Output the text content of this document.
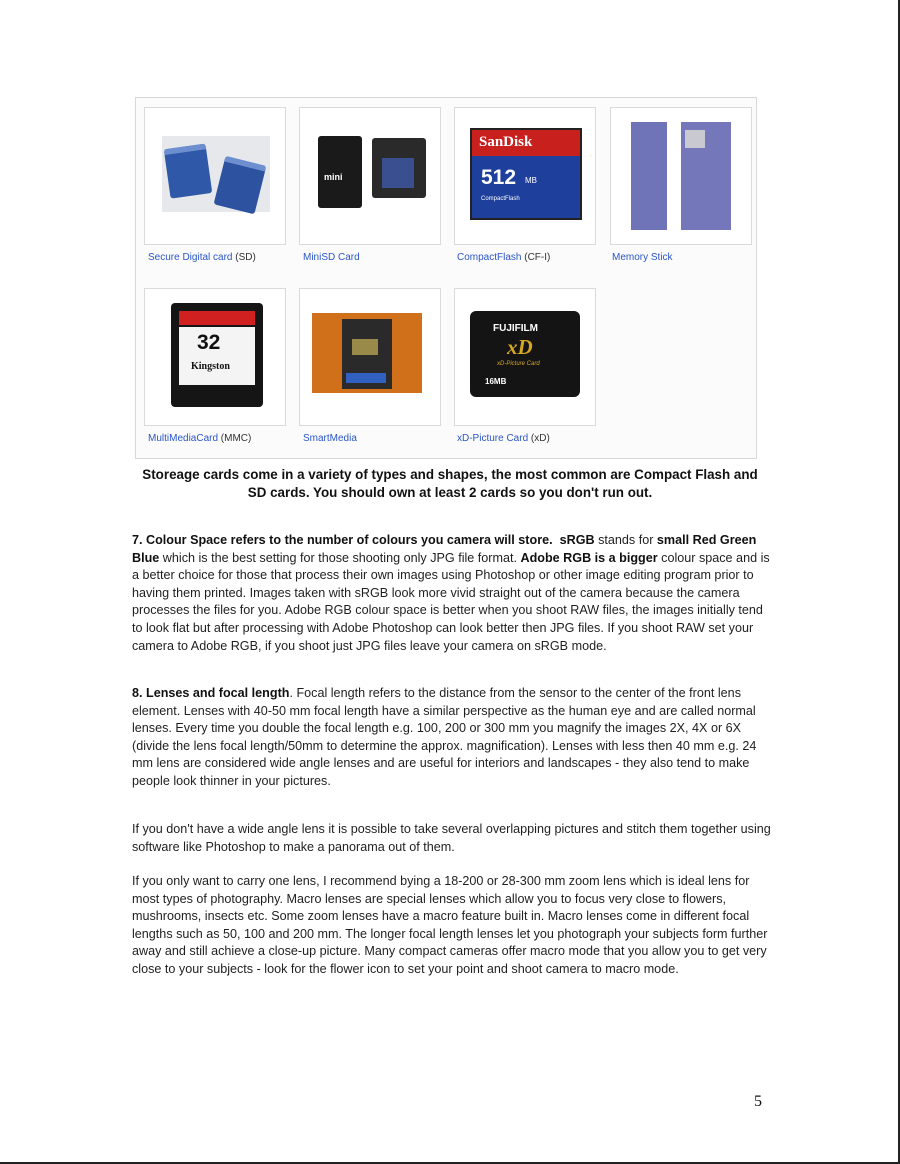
mini
SanDisk
512 MB
CompactFlash
Secure Digital card (SD)	MiniSD Card	CompactFlash (CF-I)	Memory Stick
32
Kingston
FUJIFILM
xD
xD-Picture Card
16MB
MultiMediaCard (MMC)	SmartMedia	xD-Picture Card (xD)
Storeage cards come in a variety of types and shapes, the most common are Compact Flash and SD cards. You should own at least 2 cards so you don't run out.

7. Colour Space refers to the number of colours you camera will store. sRGB stands for small Red Green Blue which is the best setting for those shooting only JPG file format. Adobe RGB is a bigger colour space and is a better choice for those that process their own images using Photoshop or other image editing program prior to having them printed. Images taken with sRGB look more vivid straight out of the camera because the camera processes the files for you. Adobe RGB colour space is better when you shoot RAW files, the images initially tend to look flat but after processing with Adobe Photoshop can look better then JPG files. If you shoot RAW set your camera to Adobe RGB, if you shoot just JPG files leave your camera on sRGB mode.

8. Lenses and focal length. Focal length refers to the distance from the sensor to the center of the front lens element. Lenses with 40-50 mm focal length have a similar perspective as the human eye and are called normal lenses. Every time you double the focal length e.g. 100, 200 or 300 mm you magnify the images 2X, 4X or 6X (divide the lens focal length/50mm to determine the approx. magnification). Lenses with less then 40 mm e.g. 24 mm lens are considered wide angle lenses and are useful for interiors and landscapes - they also tend to make people look thinner in your pictures.

If you don't have a wide angle lens it is possible to take several overlapping pictures and stitch them together using software like Photoshop to make a panorama out of them.

If you only want to carry one lens, I recommend bying a 18-200 or 28-300 mm zoom lens which is ideal lens for most types of photography. Macro lenses are special lenses which allow you to focus very close to flowers, mushrooms, insects etc. Some zoom lenses have a macro feature built in. Macro lenses come in different focal lengths such as 50, 100 and 200 mm. The longer focal length lenses let you photograph your subjects form further away and still achieve a close-up picture. Many compact cameras offer macro mode that you allow you to get very close to your subjects - look for the flower icon to set your point and shoot camera to macro mode.

5
